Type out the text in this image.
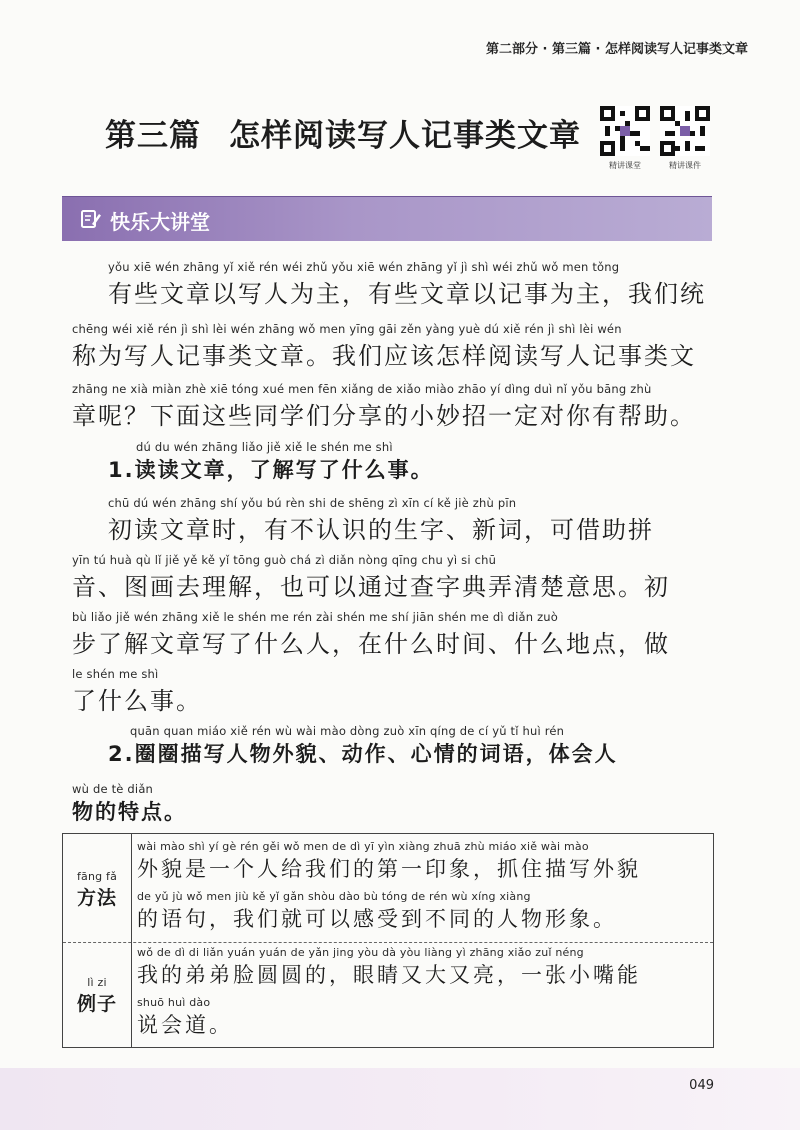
第二部分 · 第三篇 · 怎样阅读写人记事类文章
第三篇 怎样阅读写人记事类文章
精讲课堂	精讲课件
快乐大讲堂
yǒu xiē wén zhāng yǐ xiě rén wéi zhǔ yǒu xiē wén zhāng yǐ jì shì wéi zhǔ wǒ men tǒng
有些文章以写人为主，有些文章以记事为主，我们统
chēng wéi xiě rén jì shì lèi wén zhāng wǒ men yīng gāi zěn yàng yuè dú xiě rén jì shì lèi wén
称为写人记事类文章。我们应该怎样阅读写人记事类文
zhāng ne xià miàn zhè xiē tóng xué men fēn xiǎng de xiǎo miào zhāo yí dìng duì nǐ yǒu bāng zhù
章呢？下面这些同学们分享的小妙招一定对你有帮助。
dú du wén zhāng liǎo jiě xiě le shén me shì
1.读读文章，了解写了什么事。
chū dú wén zhāng shí yǒu bú rèn shi de shēng zì xīn cí kě jiè zhù pīn
初读文章时，有不认识的生字、新词，可借助拼
yīn tú huà qù lǐ jiě yě kě yǐ tōng guò chá zì diǎn nòng qīng chu yì si chū
音、图画去理解，也可以通过查字典弄清楚意思。初
bù liǎo jiě wén zhāng xiě le shén me rén zài shén me shí jiān shén me dì diǎn zuò
步了解文章写了什么人，在什么时间、什么地点，做
le shén me shì
了什么事。
quān quan miáo xiě rén wù wài mào dòng zuò xīn qíng de cí yǔ tǐ huì rén
2.圈圈描写人物外貌、动作、心情的词语，体会人
wù de tè diǎn
物的特点。
fāng fǎ
方法
wài mào shì yí gè rén gěi wǒ men de dì yī yìn xiàng zhuā zhù miáo xiě wài mào
外貌是一个人给我们的第一印象，抓住描写外貌
de yǔ jù wǒ men jiù kě yǐ gǎn shòu dào bù tóng de rén wù xíng xiàng
的语句，我们就可以感受到不同的人物形象。
lì zi
例子
wǒ de dì di liǎn yuán yuán de yǎn jing yòu dà yòu liàng yì zhāng xiǎo zuǐ néng
我的弟弟脸圆圆的，眼睛又大又亮，一张小嘴能
shuō huì dào
说会道。
049
